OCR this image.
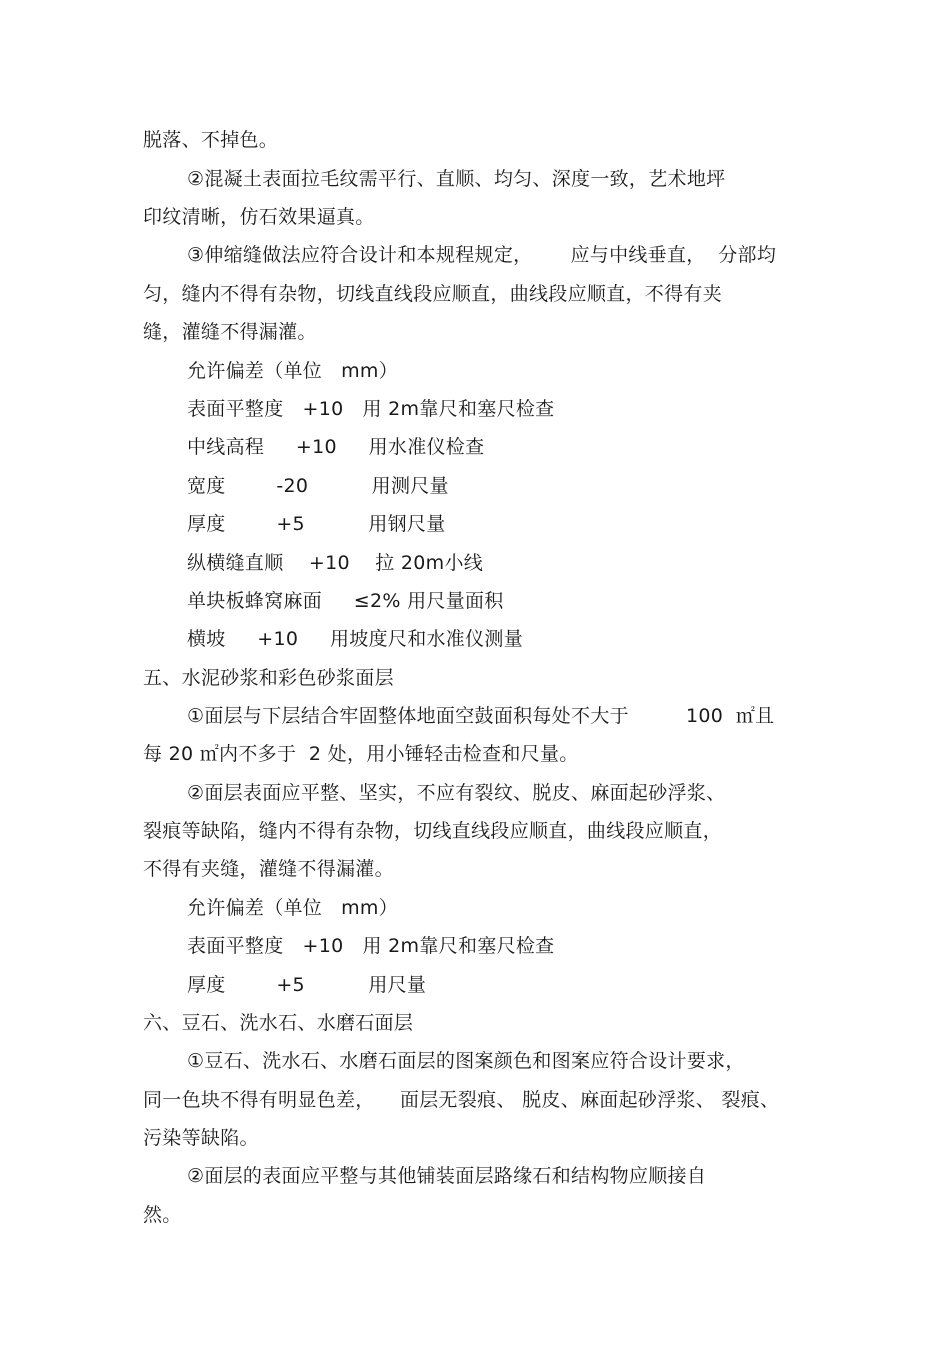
脱落、不掉色。
②混凝土表面拉毛纹需平行、直顺、均匀、深度一致，艺术地坪
印纹清晰，仿石效果逼真。
③伸缩缝做法应符合设计和本规程规定，      应与中线垂直，  分部均
匀，缝内不得有杂物，切线直线段应顺直，曲线段应顺直，不得有夹
缝，灌缝不得漏灌。
允许偏差（单位   mm）
表面平整度   +10   用 2m靠尺和塞尺检查
中线高程     +10     用水准仪检查
宽度        -20          用测尺量
厚度        +5          用钢尺量
纵横缝直顺    +10    拉 20m小线
单块板蜂窝麻面     ≤2% 用尺量面积
横坡     +10     用坡度尺和水准仪测量
五、水泥砂浆和彩色砂浆面层
①面层与下层结合牢固整体地面空鼓面积每处不大于         100  ㎡且
每 20 ㎡内不多于  2 处，用小锤轻击检查和尺量。
②面层表面应平整、坚实，不应有裂纹、脱皮、麻面起砂浮浆、
裂痕等缺陷，缝内不得有杂物，切线直线段应顺直，曲线段应顺直，
不得有夹缝，灌缝不得漏灌。
允许偏差（单位   mm）
表面平整度   +10   用 2m靠尺和塞尺检查
厚度        +5          用尺量
六、豆石、洗水石、水磨石面层
①豆石、洗水石、水磨石面层的图案颜色和图案应符合设计要求，
同一色块不得有明显色差，    面层无裂痕、 脱皮、麻面起砂浮浆、 裂痕、
污染等缺陷。
②面层的表面应平整与其他铺装面层路缘石和结构物应顺接自
然。
